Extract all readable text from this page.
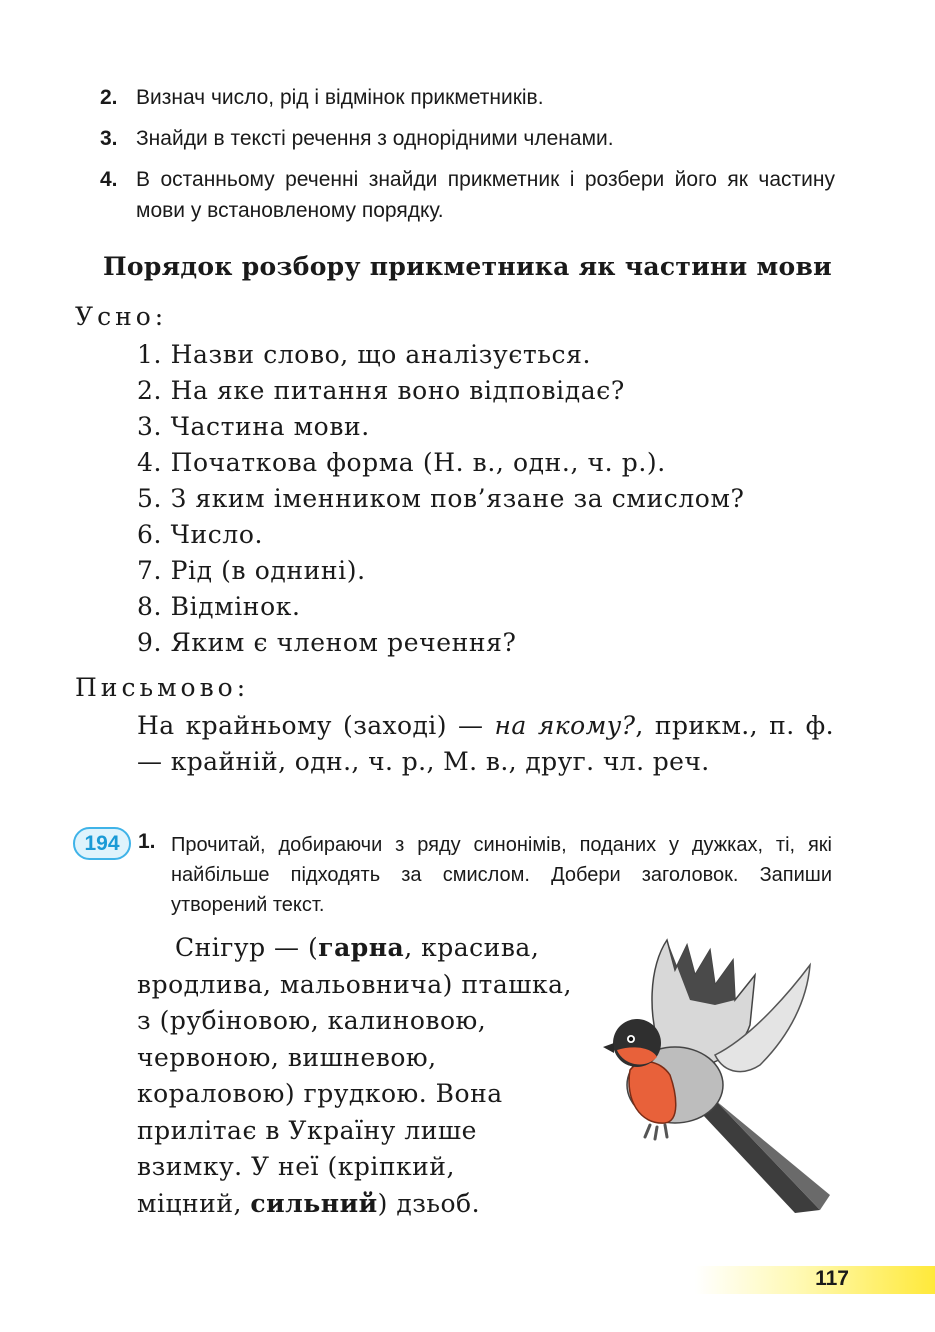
2. Визнач число, рід і відмінок прикметників.
3. Знайди в тексті речення з однорідними членами.
4. В останньому реченні знайди прикметник і розбери його як частину мови у встановленому порядку.
Порядок розбору прикметника як частини мови
Усно:
1. Назви слово, що аналізується.
2. На яке питання воно відповідає?
3. Частина мови.
4. Початкова форма (Н. в., одн., ч. р.).
5. З яким іменником пов’язане за смислом?
6. Число.
7. Рід (в однині).
8. Відмінок.
9. Яким є членом речення?
Письмово:
На крайньому (заході) — на якому?, прикм., п. ф. — крайній, одн., ч. р., М. в., друг. чл. реч.
194 1. Прочитай, добираючи з ряду синонімів, поданих у дужках, ті, які найбільше підходять за смислом. Добери заголовок. Запиши утворений текст.
Снігур — (гарна, красива,
вродлива, мальовнича) пташка,
з (рубіновою, калиновою,
червоною, вишневою,
кораловою) грудкою. Вона
прилітає в Україну лише
взимку. У неї (кріпкий,
міцний, сильний) дзьоб.
117
